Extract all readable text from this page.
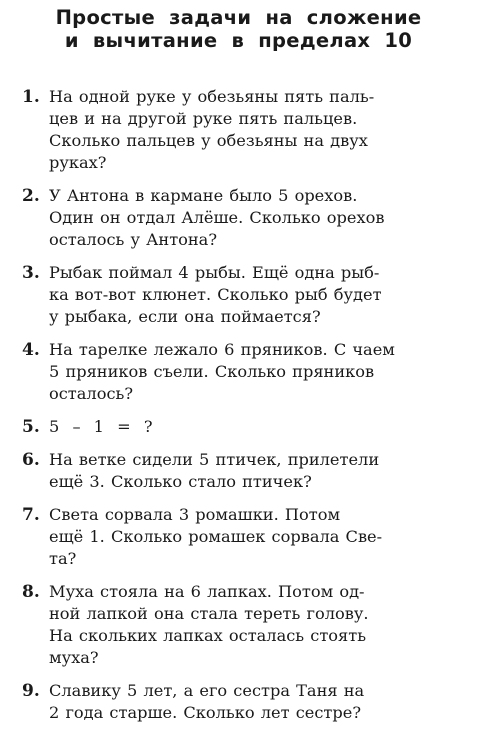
Простые задачи на сложение
и вычитание в пределах 10
1. На одной руке у обезьяны пять паль-
цев и на другой руке пять пальцев.
Сколько пальцев у обезьяны на двух
руках?
2. У Антона в кармане было 5 орехов.
Один он отдал Алёше. Сколько орехов
осталось у Антона?
3. Рыбак поймал 4 рыбы. Ещё одна рыб-
ка вот-вот клюнет. Сколько рыб будет
у рыбака, если она поймается?
4. На тарелке лежало 6 пряников. С чаем
5 пряников съели. Сколько пряников
осталось?
5. 5 – 1 = ?
6. На ветке сидели 5 птичек, прилетели
ещё 3. Сколько стало птичек?
7. Света сорвала 3 ромашки. Потом
ещё 1. Сколько ромашек сорвала Све-
та?
8. Муха стояла на 6 лапках. Потом од-
ной лапкой она стала тереть голову.
На скольких лапках осталась стоять
муха?
9. Славику 5 лет, а его сестра Таня на
2 года старше. Сколько лет сестре?
